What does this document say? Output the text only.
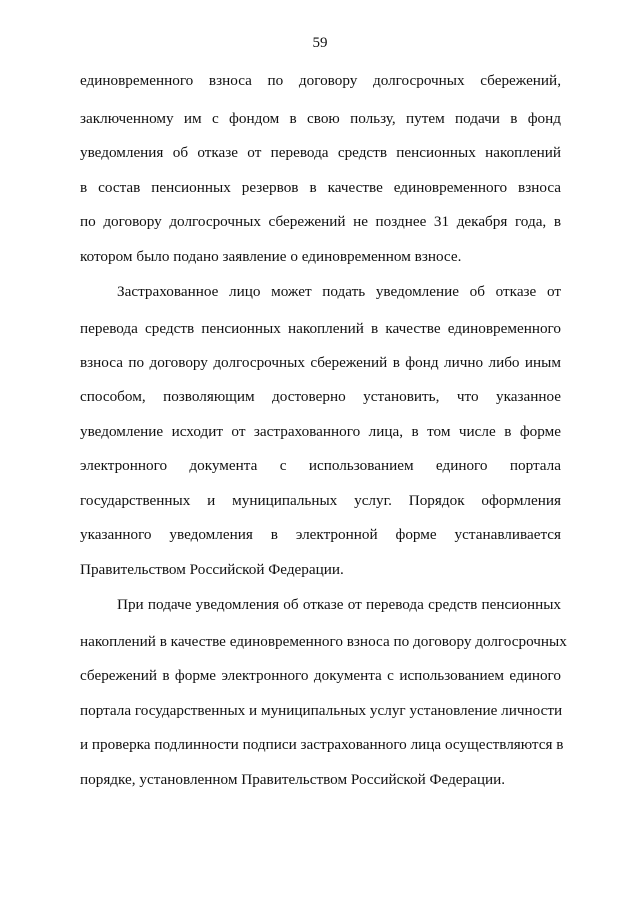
59
единовременного взноса по договору долгосрочных сбережений,
заключенному им с фондом в свою пользу, путем подачи в фонд
уведомления об отказе от перевода средств пенсионных накоплений
в состав пенсионных резервов в качестве единовременного взноса
по договору долгосрочных сбережений не позднее 31 декабря года, в
котором было подано заявление о единовременном взносе.
Застрахованное лицо может подать уведомление об отказе от
перевода средств пенсионных накоплений в качестве единовременного
взноса по договору долгосрочных сбережений в фонд лично либо иным
способом, позволяющим достоверно установить, что указанное
уведомление исходит от застрахованного лица, в том числе в форме
электронного документа с использованием единого портала
государственных и муниципальных услуг. Порядок оформления
указанного уведомления в электронной форме устанавливается
Правительством Российской Федерации.
При подаче уведомления об отказе от перевода средств пенсионных
накоплений в качестве единовременного взноса по договору долгосрочных
сбережений в форме электронного документа с использованием единого
портала государственных и муниципальных услуг установление личности
и проверка подлинности подписи застрахованного лица осуществляются в
порядке, установленном Правительством Российской Федерации.
